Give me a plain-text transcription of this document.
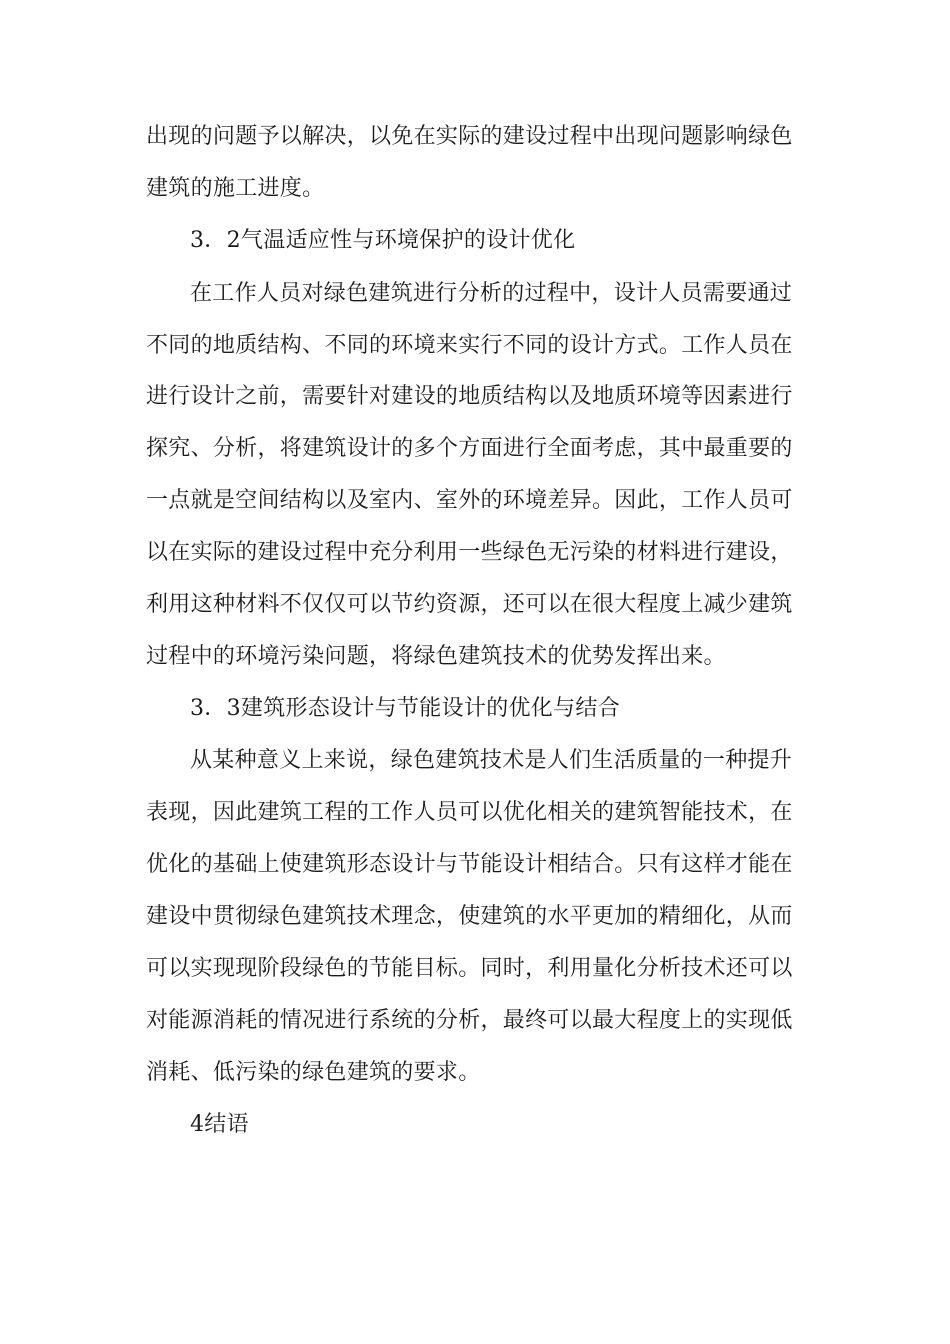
出现的问题予以解决，以免在实际的建设过程中出现问题影响绿色
建筑的施工进度。
3．2气温适应性与环境保护的设计优化
在工作人员对绿色建筑进行分析的过程中，设计人员需要通过
不同的地质结构、不同的环境来实行不同的设计方式。工作人员在
进行设计之前，需要针对建设的地质结构以及地质环境等因素进行
探究、分析，将建筑设计的多个方面进行全面考虑，其中最重要的
一点就是空间结构以及室内、室外的环境差异。因此，工作人员可
以在实际的建设过程中充分利用一些绿色无污染的材料进行建设，
利用这种材料不仅仅可以节约资源，还可以在很大程度上减少建筑
过程中的环境污染问题，将绿色建筑技术的优势发挥出来。
3．3建筑形态设计与节能设计的优化与结合
从某种意义上来说，绿色建筑技术是人们生活质量的一种提升
表现，因此建筑工程的工作人员可以优化相关的建筑智能技术，在
优化的基础上使建筑形态设计与节能设计相结合。只有这样才能在
建设中贯彻绿色建筑技术理念，使建筑的水平更加的精细化，从而
可以实现现阶段绿色的节能目标。同时，利用量化分析技术还可以
对能源消耗的情况进行系统的分析，最终可以最大程度上的实现低
消耗、低污染的绿色建筑的要求。
4结语
